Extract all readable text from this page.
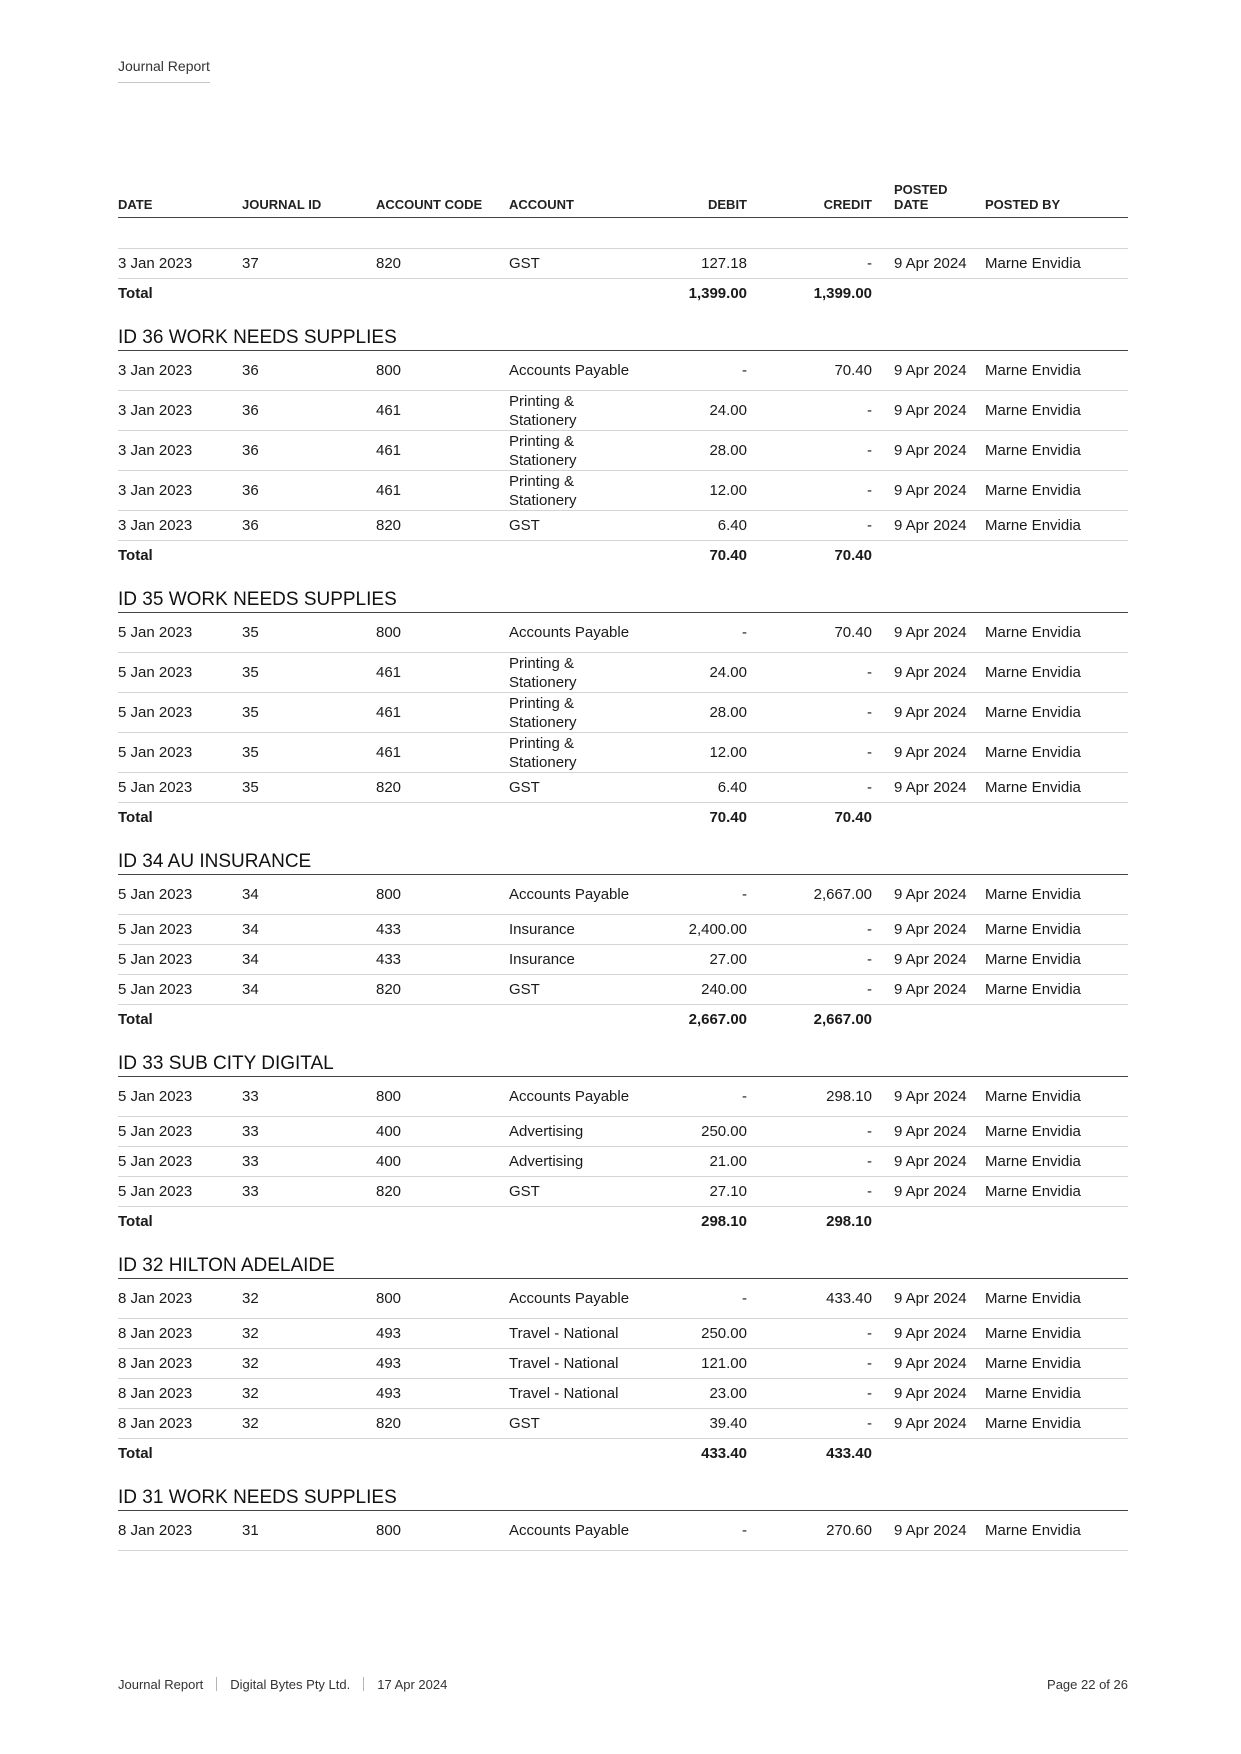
Journal Report
DATE	JOURNAL ID	ACCOUNT CODE	ACCOUNT	DEBIT	CREDIT	POSTED DATE	POSTED BY

3 Jan 2023	37	820	GST	127.18	-	9 Apr 2024	Marne Envidia
Total				1,399.00	1,399.00		

ID 36 WORK NEEDS SUPPLIES							
3 Jan 2023	36	800	Accounts Payable	-	70.40	9 Apr 2024	Marne Envidia
3 Jan 2023	36	461	Printing & Stationery	24.00	-	9 Apr 2024	Marne Envidia
3 Jan 2023	36	461	Printing & Stationery	28.00	-	9 Apr 2024	Marne Envidia
3 Jan 2023	36	461	Printing & Stationery	12.00	-	9 Apr 2024	Marne Envidia
3 Jan 2023	36	820	GST	6.40	-	9 Apr 2024	Marne Envidia
Total				70.40	70.40		

ID 35 WORK NEEDS SUPPLIES							
5 Jan 2023	35	800	Accounts Payable	-	70.40	9 Apr 2024	Marne Envidia
5 Jan 2023	35	461	Printing & Stationery	24.00	-	9 Apr 2024	Marne Envidia
5 Jan 2023	35	461	Printing & Stationery	28.00	-	9 Apr 2024	Marne Envidia
5 Jan 2023	35	461	Printing & Stationery	12.00	-	9 Apr 2024	Marne Envidia
5 Jan 2023	35	820	GST	6.40	-	9 Apr 2024	Marne Envidia
Total				70.40	70.40		

ID 34 AU INSURANCE							
5 Jan 2023	34	800	Accounts Payable	-	2,667.00	9 Apr 2024	Marne Envidia
5 Jan 2023	34	433	Insurance	2,400.00	-	9 Apr 2024	Marne Envidia
5 Jan 2023	34	433	Insurance	27.00	-	9 Apr 2024	Marne Envidia
5 Jan 2023	34	820	GST	240.00	-	9 Apr 2024	Marne Envidia
Total				2,667.00	2,667.00		

ID 33 SUB CITY DIGITAL							
5 Jan 2023	33	800	Accounts Payable	-	298.10	9 Apr 2024	Marne Envidia
5 Jan 2023	33	400	Advertising	250.00	-	9 Apr 2024	Marne Envidia
5 Jan 2023	33	400	Advertising	21.00	-	9 Apr 2024	Marne Envidia
5 Jan 2023	33	820	GST	27.10	-	9 Apr 2024	Marne Envidia
Total				298.10	298.10		

ID 32 HILTON ADELAIDE							
8 Jan 2023	32	800	Accounts Payable	-	433.40	9 Apr 2024	Marne Envidia
8 Jan 2023	32	493	Travel - National	250.00	-	9 Apr 2024	Marne Envidia
8 Jan 2023	32	493	Travel - National	121.00	-	9 Apr 2024	Marne Envidia
8 Jan 2023	32	493	Travel - National	23.00	-	9 Apr 2024	Marne Envidia
8 Jan 2023	32	820	GST	39.40	-	9 Apr 2024	Marne Envidia
Total				433.40	433.40		

ID 31 WORK NEEDS SUPPLIES							
8 Jan 2023	31	800	Accounts Payable	-	270.60	9 Apr 2024	Marne Envidia
Journal Report Digital Bytes Pty Ltd. 17 Apr 2024	Page 22 of 26
